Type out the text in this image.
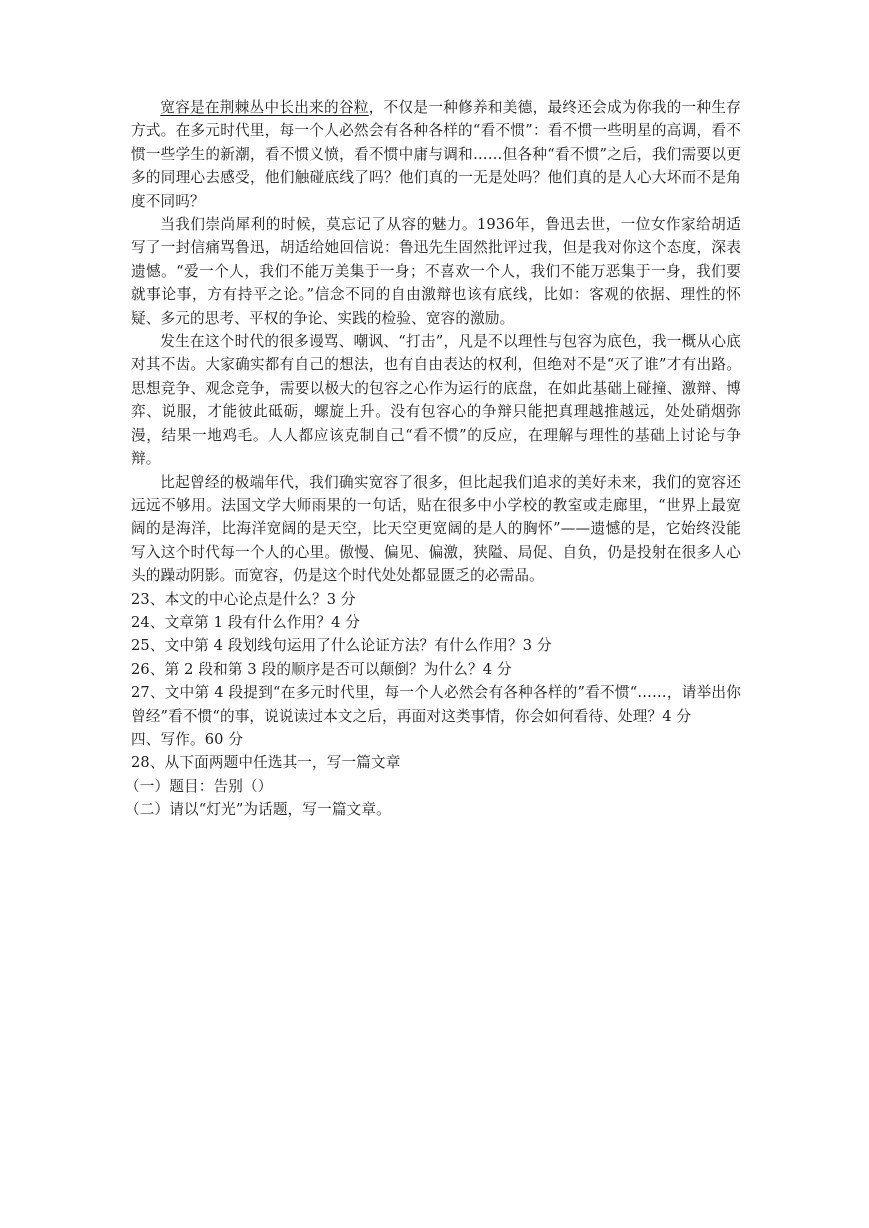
宽容是在荆棘丛中长出来的谷粒，不仅是一种修养和美德，最终还会成为你我的一种生存方式。在多元时代里，每一个人必然会有各种各样的“看不惯”：看不惯一些明星的高调，看不惯一些学生的新潮，看不惯义愤，看不惯中庸与调和……但各种“看不惯”之后，我们需要以更多的同理心去感受，他们触碰底线了吗？他们真的一无是处吗？他们真的是人心大坏而不是角度不同吗？

当我们崇尚犀利的时候，莫忘记了从容的魅力。1936年，鲁迅去世，一位女作家给胡适写了一封信痛骂鲁迅，胡适给她回信说：鲁迅先生固然批评过我，但是我对你这个态度，深表遗憾。“爱一个人，我们不能万美集于一身；不喜欢一个人，我们不能万恶集于一身，我们要就事论事，方有持平之论。”信念不同的自由激辩也该有底线，比如：客观的依据、理性的怀疑、多元的思考、平权的争论、实践的检验、宽容的激励。

发生在这个时代的很多谩骂、嘲讽、“打击”，凡是不以理性与包容为底色，我一概从心底对其不齿。大家确实都有自己的想法，也有自由表达的权利，但绝对不是“灭了谁”才有出路。思想竞争、观念竞争，需要以极大的包容之心作为运行的底盘，在如此基础上碰撞、激辩、博弈、说服，才能彼此砥砺，螺旋上升。没有包容心的争辩只能把真理越推越远，处处硝烟弥漫，结果一地鸡毛。人人都应该克制自己“看不惯”的反应，在理解与理性的基础上讨论与争辩。

比起曾经的极端年代，我们确实宽容了很多，但比起我们追求的美好未来，我们的宽容还远远不够用。法国文学大师雨果的一句话，贴在很多中小学校的教室或走廊里，“世界上最宽阔的是海洋，比海洋宽阔的是天空，比天空更宽阔的是人的胸怀”——遗憾的是，它始终没能写入这个时代每一个人的心里。傲慢、偏见、偏激，狭隘、局促、自负，仍是投射在很多人心头的躁动阴影。而宽容，仍是这个时代处处都显匮乏的必需品。

23、本文的中心论点是什么？3 分

24、文章第 1 段有什么作用？4 分

25、文中第 4 段划线句运用了什么论证方法？有什么作用？3 分

26、第 2 段和第 3 段的顺序是否可以颠倒？为什么？4 分

27、文中第 4 段提到“在多元时代里，每一个人必然会有各种各样的”看不惯“……，请举出你曾经”看不惯“的事，说说读过本文之后，再面对这类事情，你会如何看待、处理？4 分

四、写作。60 分

28、从下面两题中任选其一，写一篇文章

（一）题目：告别（）

（二）请以“灯光”为话题，写一篇文章。
